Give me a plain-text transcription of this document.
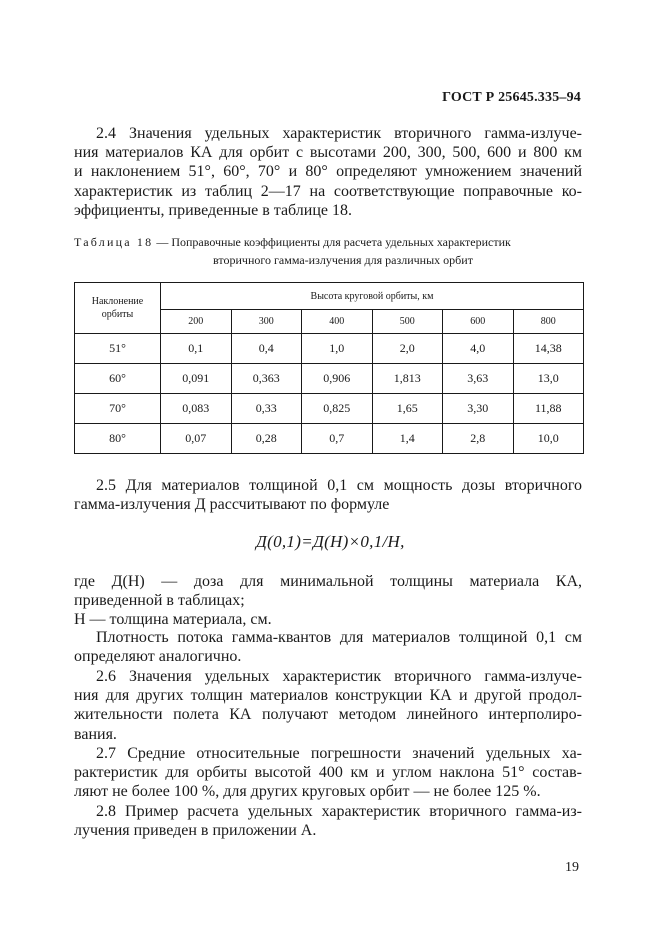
ГОСТ Р 25645.335–94
2.4 Значения удельных характеристик вторичного гамма-излуче-
ния материалов КА для орбит с высотами 200, 300, 500, 600 и 800 км
и наклонением 51°, 60°, 70° и 80° определяют умножением значений
характеристик из таблиц 2—17 на соответствующие поправочные ко-
эффициенты, приведенные в таблице 18.
Таблица 18 — Поправочные коэффициенты для расчета удельных характеристик
вторичного гамма-излучения для различных орбит
Наклонение орбиты	Высота круговой орбиты, км					
	200	300	400	500	600	800
51°	0,1	0,4	1,0	2,0	4,0	14,38
60°	0,091	0,363	0,906	1,813	3,63	13,0
70°	0,083	0,33	0,825	1,65	3,30	11,88
80°	0,07	0,28	0,7	1,4	2,8	10,0
2.5 Для материалов толщиной 0,1 см мощность дозы вторичного
гамма-излучения Д рассчитывают по формуле
Д(0,1)=Д(Н)×0,1/Н,
где Д(Н) — доза для минимальной толщины материала КА,
приведенной в таблицах;
Н — толщина материала, см.
Плотность потока гамма-квантов для материалов толщиной 0,1 см
определяют аналогично.
2.6 Значения удельных характеристик вторичного гамма-излуче-
ния для других толщин материалов конструкции КА и другой продол-
жительности полета КА получают методом линейного интерполиро-
вания.
2.7 Средние относительные погрешности значений удельных ха-
рактеристик для орбиты высотой 400 км и углом наклона 51° состав-
ляют не более 100 %, для других круговых орбит — не более 125 %.
2.8 Пример расчета удельных характеристик вторичного гамма-из-
лучения приведен в приложении А.
19
